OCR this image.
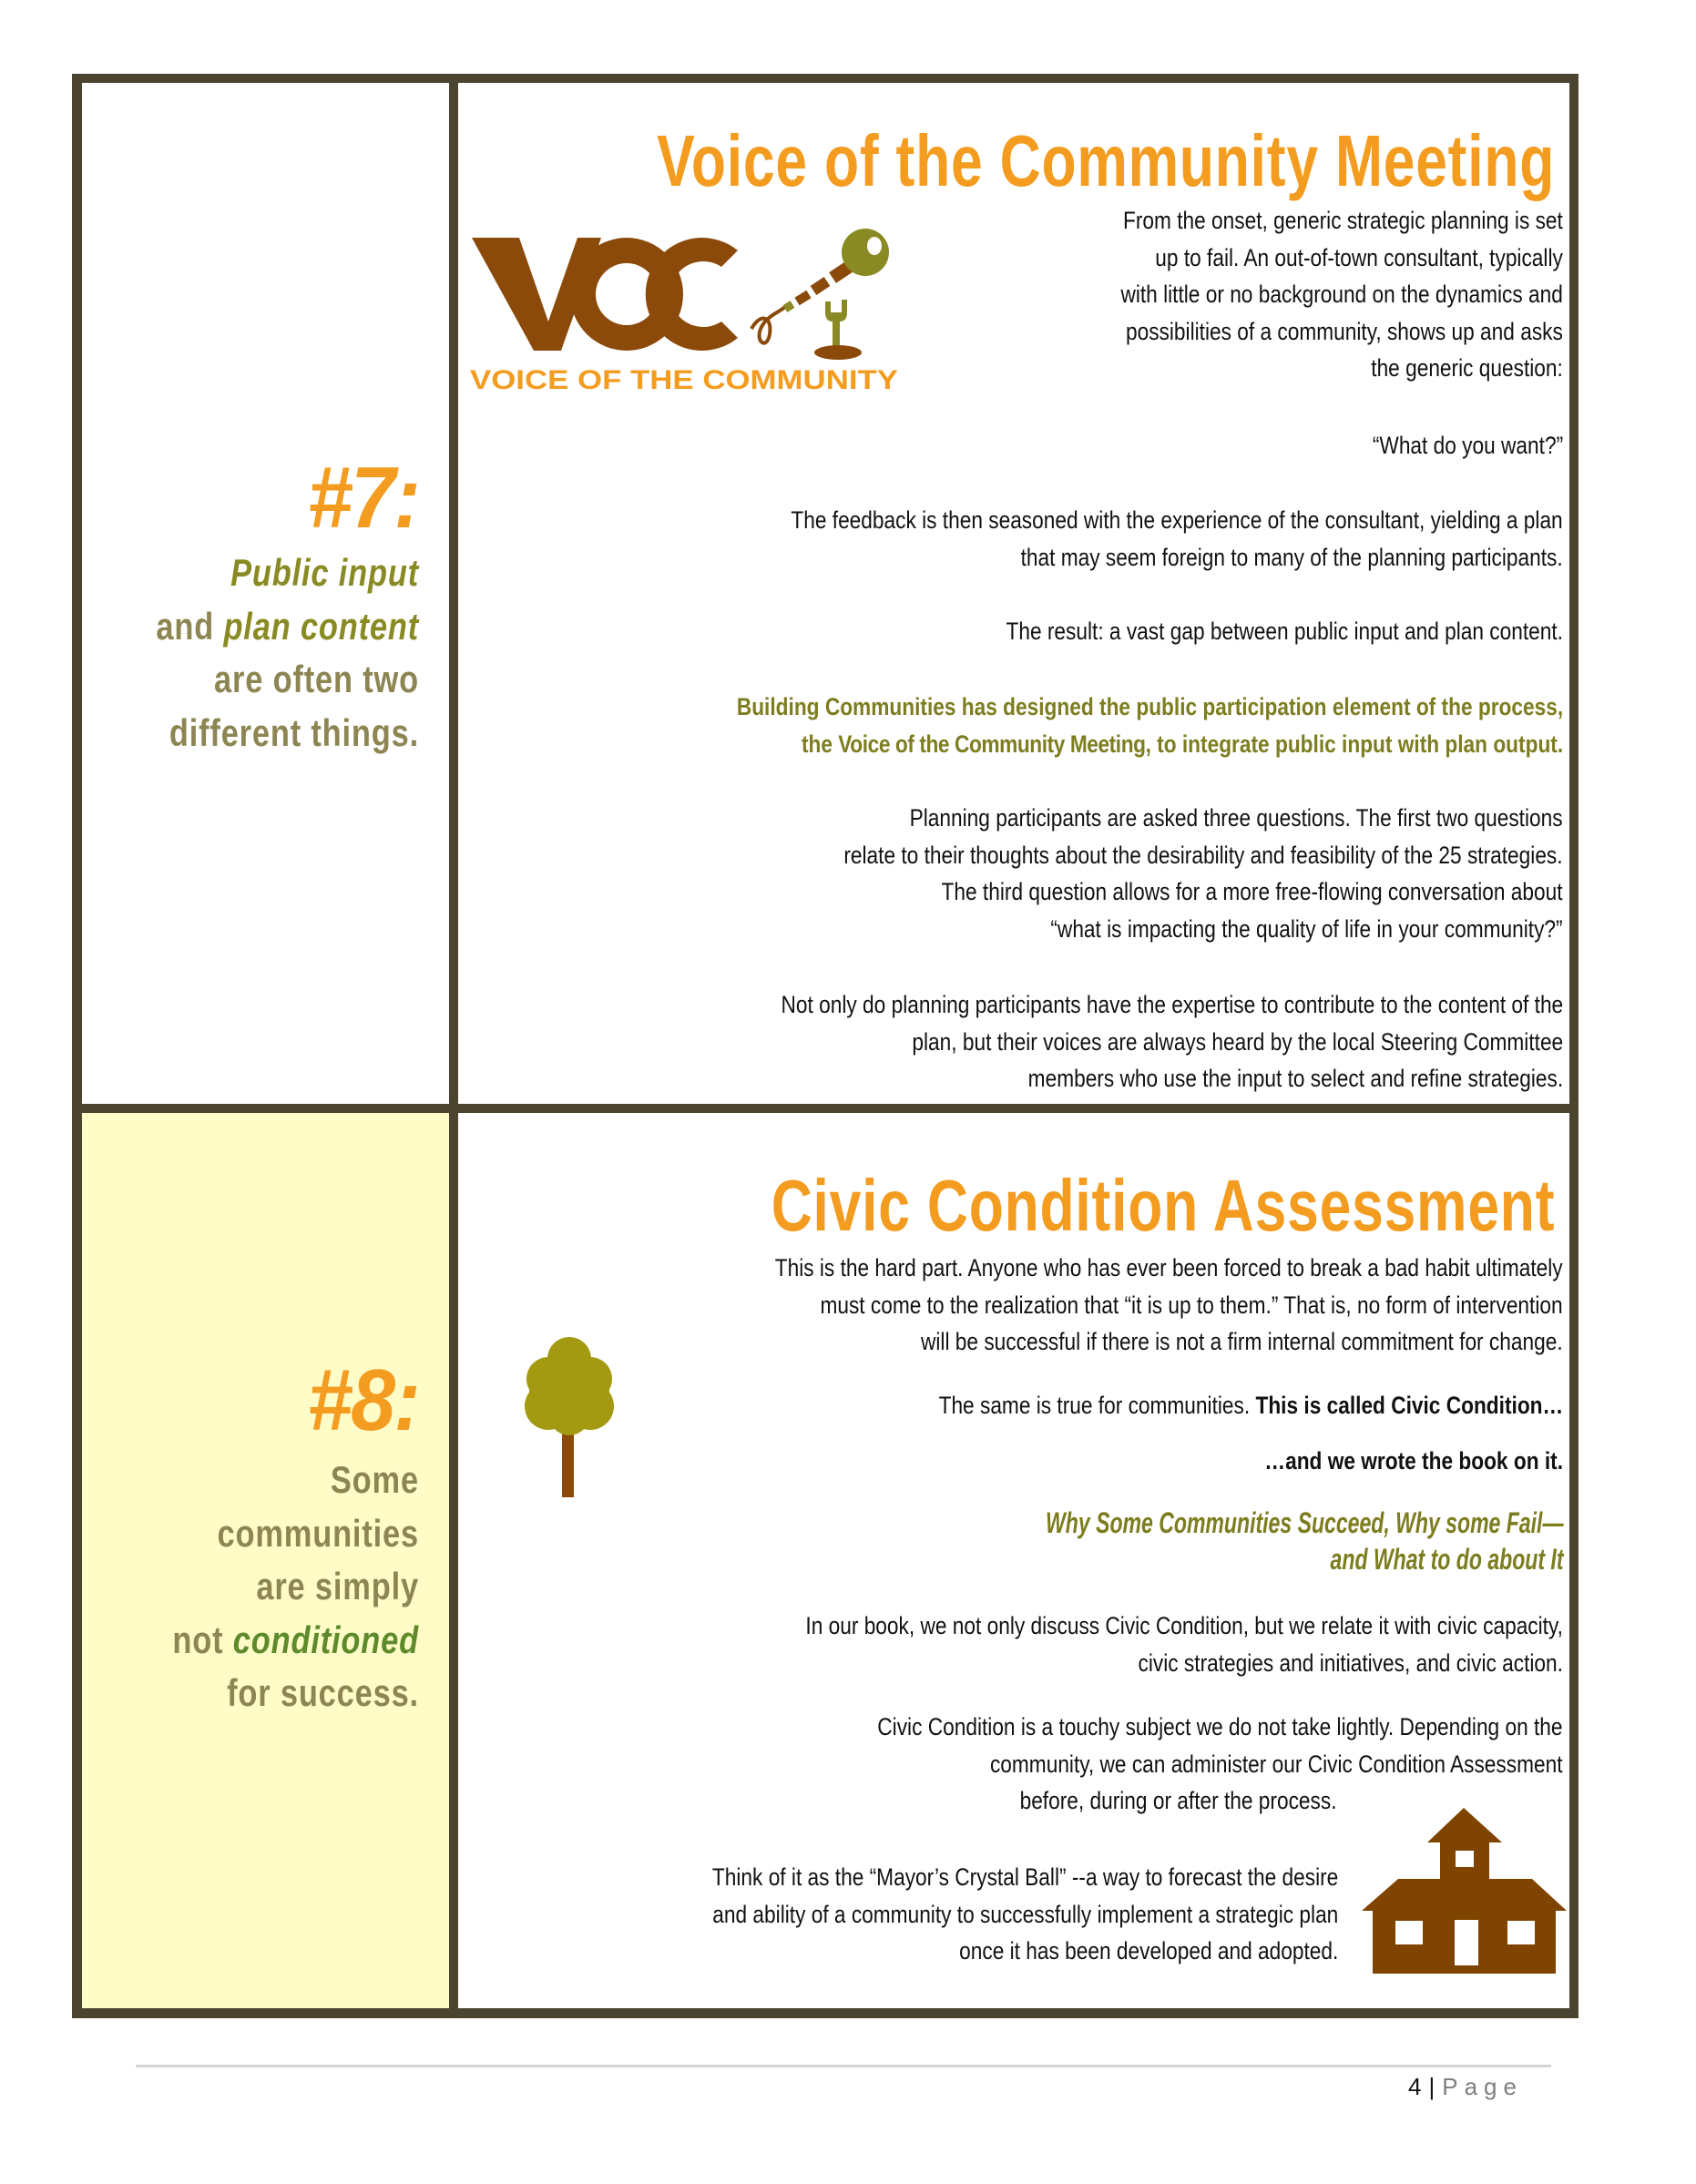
#7:
Public input
and plan content
are often two
different things.
Voice of the Community Meeting
VOICE OF THE COMMUNITY
From the onset, generic strategic planning is set
up to fail. An out-of-town consultant, typically
with little or no background on the dynamics and
possibilities of a community, shows up and asks
the generic question:
“What do you want?”
The feedback is then seasoned with the experience of the consultant, yielding a plan
that may seem foreign to many of the planning participants.
The result: a vast gap between public input and plan content.
Building Communities has designed the public participation element of the process,
the Voice of the Community Meeting, to integrate public input with plan output.
Planning participants are asked three questions. The first two questions
relate to their thoughts about the desirability and feasibility of the 25 strategies.
The third question allows for a more free-flowing conversation about
“what is impacting the quality of life in your community?”
Not only do planning participants have the expertise to contribute to the content of the
plan, but their voices are always heard by the local Steering Committee
members who use the input to select and refine strategies.
#8:
Some
communities
are simply
not conditioned
for success.
Civic Condition Assessment
This is the hard part. Anyone who has ever been forced to break a bad habit ultimately
must come to the realization that “it is up to them.” That is, no form of intervention
will be successful if there is not a firm internal commitment for change.
The same is true for communities. This is called Civic Condition…
…and we wrote the book on it.
Why Some Communities Succeed, Why some Fail—
and What to do about It
In our book, we not only discuss Civic Condition, but we relate it with civic capacity,
civic strategies and initiatives, and civic action.
Civic Condition is a touchy subject we do not take lightly. Depending on the
community, we can administer our Civic Condition Assessment
before, during or after the process.
Think of it as the “Mayor’s Crystal Ball” --a way to forecast the desire
and ability of a community to successfully implement a strategic plan
once it has been developed and adopted.
4 | Page
